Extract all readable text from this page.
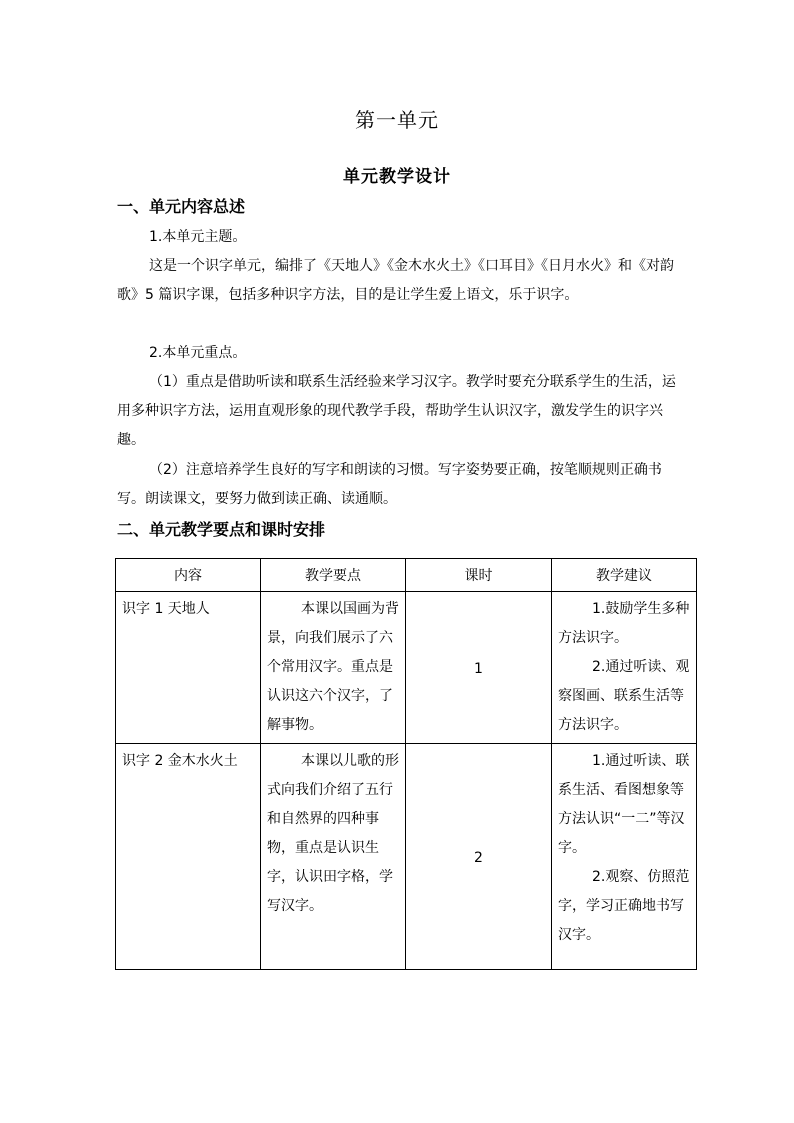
第一单元
单元教学设计
一、单元内容总述
1.本单元主题。
这是一个识字单元，编排了《天地人》《金木水火土》《口耳目》《日月水火》和《对韵歌》5 篇识字课，包括多种识字方法，目的是让学生爱上语文，乐于识字。
2.本单元重点。
（1）重点是借助听读和联系生活经验来学习汉字。教学时要充分联系学生的生活，运用多种识字方法，运用直观形象的现代教学手段，帮助学生认识汉字，激发学生的识字兴趣。
（2）注意培养学生良好的写字和朗读的习惯。写字姿势要正确，按笔顺规则正确书写。朗读课文，要努力做到读正确、读通顺。
二、单元教学要点和课时安排
内容	教学要点	课时	教学建议

识字 1 天地人	本课以国画为背景，向我们展示了六个常用汉字。重点是认识这六个汉字，了解事物。	1	1.鼓励学生多种方法识字。
2.通过听读、观察图画、联系生活等方法识字。

识字 2 金木水火土	本课以儿歌的形式向我们介绍了五行和自然界的四种事物，重点是认识生字，认识田字格，学写汉字。	2	1.通过听读、联系生活、看图想象等方法认识“一二”等汉字。
2.观察、仿照范字，学习正确地书写汉字。
